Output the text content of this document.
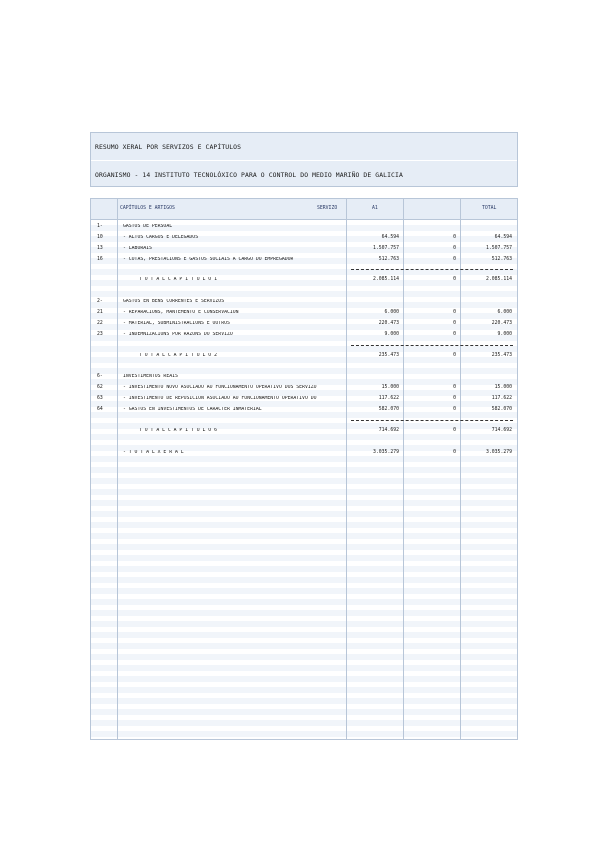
RESUMO XERAL POR SERVIZOS E CAPÍTULOS
ORGANISMO - 14 INSTITUTO TECNOLÓXICO PARA O CONTROL DO MEDIO MARIÑO DE GALICIA
CAPÍTULOS E ARTIGOS	SERVIZO	A1	TOTAL
1-	GASTOS DE PERSOAL
10	- ALTOS CARGOS E DELEGADOS	64.594	0	64.594
13	- LABORAIS	1.507.757	0	1.507.757
16	- COTAS, PRESTACIÓNS E GASTOS SOCIAIS A CARGO DO EMPREGADOR	512.763	0	512.763
T O T A L C A P Í T U L O 1	2.085.114	0	2.085.114
2-	GASTOS EN BENS CORRENTES E SERVIZOS
21	- REPARACIÓNS, MANTEMENTO E CONSERVACIÓN	6.000	0	6.000
22	- MATERIAL, SUBMINISTRACIÓNS E OUTROS	220.473	0	220.473
23	- INDEMNIZACIÓNS POR RAZÓNS DO SERVIZO	9.000	0	9.000
T O T A L C A P Í T U L O 2	235.473	0	235.473
6-	INVESTIMENTOS REAIS
62	- INVESTIMENTO NOVO ASOCIADO AO FUNCIONAMENTO OPERATIVO DOS SERVIZO	15.000	0	15.000
63	- INVESTIMENTO DE REPOSICIÓN ASOCIADO AO FUNCIONAMENTO OPERATIVO DO	117.622	0	117.622
64	- GASTOS EN INVESTIMENTOS DE CARÁCTER INMATERIAL	582.070	0	582.070
T O T A L C A P Í T U L O 6	714.692	0	714.692
- T O T A L X E R A L	3.035.279	0	3.035.279
